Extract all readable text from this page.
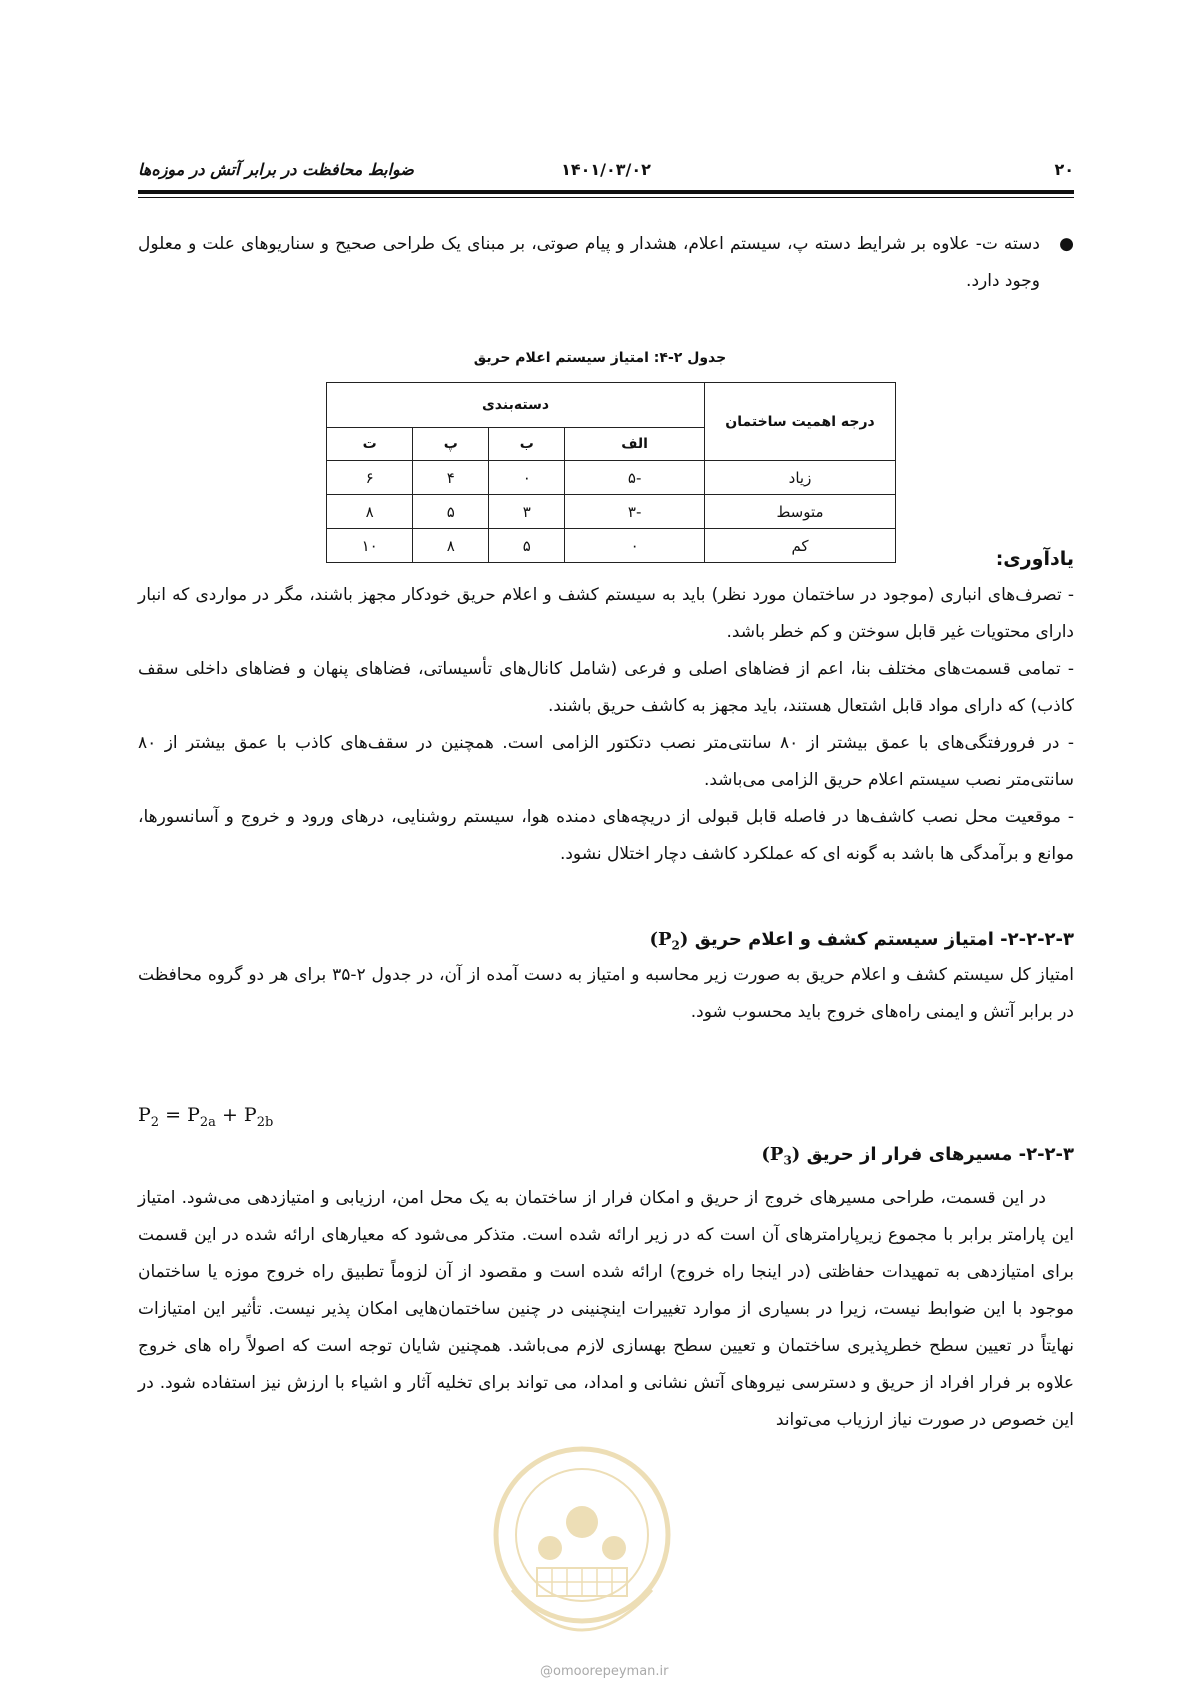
۲۰
۱۴۰۱/۰۳/۰۲
ضوابط محافظت در برابر آتش در موزه‌ها
●
دسته ت- علاوه بر شرایط دسته پ، سیستم اعلام، هشدار و پیام صوتی، بر مبنای یک طراحی صحیح و سناریوهای علت و معلول وجود دارد.
جدول ۲-۴: امتیاز سیستم اعلام حریق
درجه اهمیت ساختمان	دسته‌بندی			
	الف	ب	پ	ت
زیاد	-۵	۰	۴	۶
متوسط	-۳	۳	۵	۸
کم	۰	۵	۸	۱۰
یادآوری:
- تصرف‌های انباری (موجود در ساختمان مورد نظر) باید به سیستم کشف و اعلام حریق خودکار مجهز باشند، مگر در مواردی که انبار دارای محتویات غیر قابل سوختن و کم خطر باشد.
- تمامی قسمت‌های مختلف بنا، اعم از فضاهای اصلی و فرعی (شامل کانال‌های تأسیساتی، فضاهای پنهان و فضاهای داخلی سقف کاذب) که دارای مواد قابل اشتعال هستند، باید مجهز به کاشف حریق باشند.
- در فرورفتگی‌های با عمق بیشتر از ۸۰ سانتی‌متر نصب دتکتور الزامی است. همچنین در سقف‌های کاذب با عمق بیشتر از ۸۰ سانتی‌متر نصب سیستم اعلام حریق الزامی می‌باشد.
- موقعیت محل نصب کاشف‌ها در فاصله قابل قبولی از دریچه‌های دمنده هوا، سیستم روشنایی، درهای ورود و خروج و آسانسورها، موانع و برآمدگی ها باشد به گونه ای که عملکرد کاشف دچار اختلال نشود.
۲-۲-۲-۳- امتیاز سیستم کشف و اعلام حریق $(P_2)$
امتیاز کل سیستم کشف و اعلام حریق به صورت زیر محاسبه و امتیاز به دست آمده از آن، در جدول ۲-۳۵ برای هر دو گروه محافظت در برابر آتش و ایمنی راه‌های خروج باید محسوب شود.
$P_2 = P_{2a} + P_{2b}$
۲-۲-۳- مسیرهای فرار از حریق $(P_3)$
در این قسمت، طراحی مسیرهای خروج از حریق و امکان فرار از ساختمان به یک محل امن، ارزیابی و امتیازدهی می‌شود. امتیاز این پارامتر برابر با مجموع زیرپارامترهای آن است که در زیر ارائه شده است. متذکر می‌شود که معیارهای ارائه شده در این قسمت برای امتیازدهی به تمهیدات حفاظتی (در اینجا راه خروج) ارائه شده است و مقصود از آن لزوماً تطبیق راه خروج موزه یا ساختمان موجود با این ضوابط نیست، زیرا در بسیاری از موارد تغییرات اینچنینی در چنین ساختمان‌هایی امکان پذیر نیست. تأثیر این امتیازات نهایتاً در تعیین سطح خطرپذیری ساختمان و تعیین سطح بهسازی لازم می‌باشد. همچنین شایان توجه است که اصولاً راه های خروج علاوه بر فرار افراد از حریق و دسترسی نیروهای آتش نشانی و امداد، می تواند برای تخلیه آثار و اشیاء با ارزش نیز استفاده شود. در این خصوص در صورت نیاز ارزیاب می‌تواند
@omoorepeyman.ir
